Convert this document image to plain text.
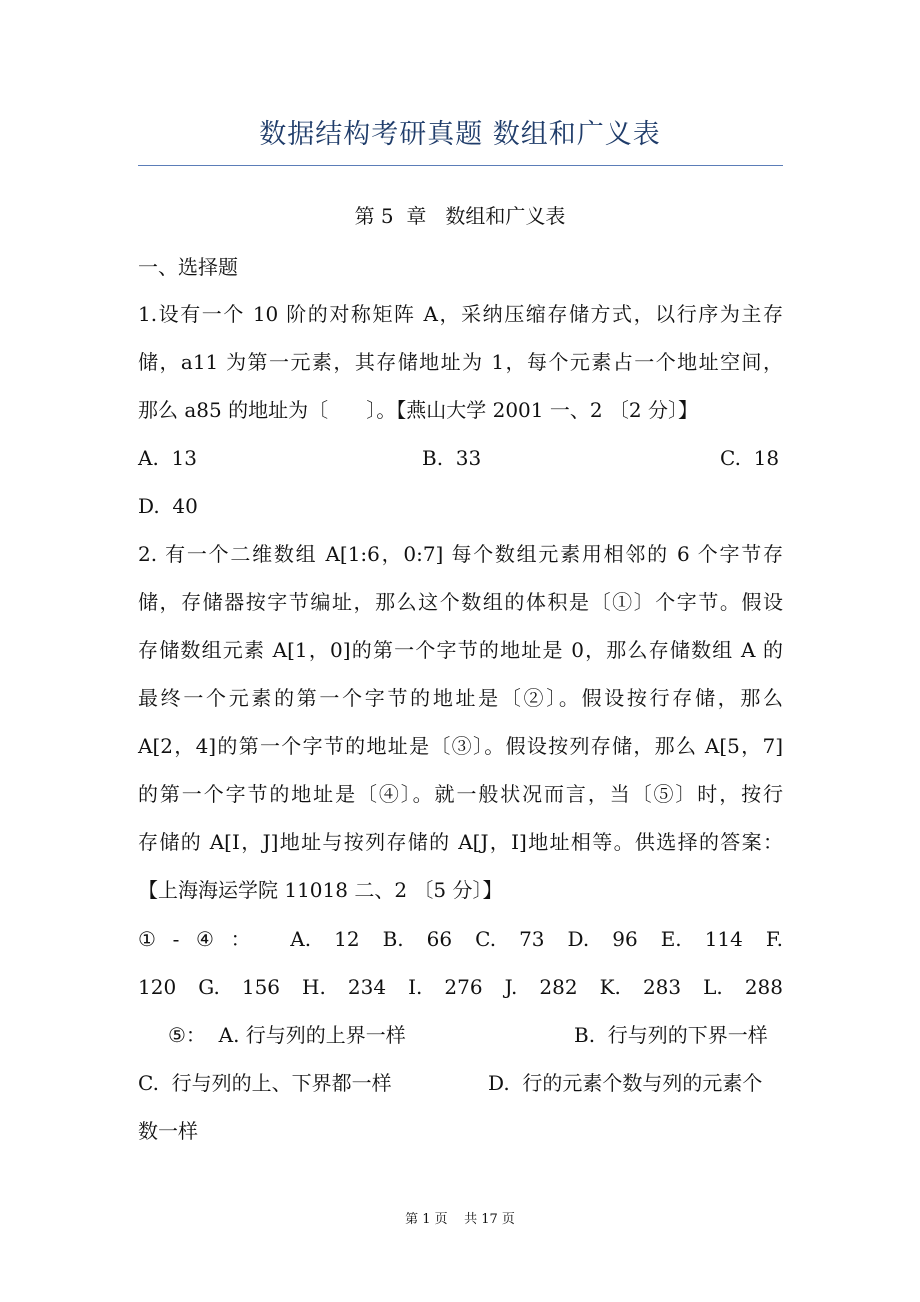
数据结构考研真题 数组和广义表
第 5  章   数组和广义表
一、选择题
1.设有一个 10 阶的对称矩阵 A，采纳压缩存储方式，以行序为主存
储，a11 为第一元素，其存储地址为 1，每个元素占一个地址空间，
那么 a85 的地址为〔      〕。【燕山大学 2001 一、2 〔2 分〕】
A.  13	B.  33	C.  18
D.  40
2. 有一个二维数组 A[1:6，0:7] 每个数组元素用相邻的 6 个字节存
储，存储器按字节编址，那么这个数组的体积是〔①〕个字节。假设
存储数组元素 A[1，0]的第一个字节的地址是 0，那么存储数组 A 的
最终一个元素的第一个字节的地址是〔②〕。假设按行存储，那么
A[2，4]的第一个字节的地址是〔③〕。假设按列存储，那么 A[5，7]
的第一个字节的地址是〔④〕。就一般状况而言，当〔⑤〕时，按行
存储的 A[I，J]地址与按列存储的 A[J，I]地址相等。供选择的答案：
【上海海运学院 11018 二、2 〔5 分〕】
①-④： A. 12 B. 66 C. 73 D. 96 E. 114 F.
120 G. 156 H. 234 I. 276 J. 282 K. 283 L. 288
⑤：  A. 行与列的上界一样	B.  行与列的下界一样
C.  行与列的上、下界都一样	D.  行的元素个数与列的元素个
数一样
第 1 页    共 17 页
